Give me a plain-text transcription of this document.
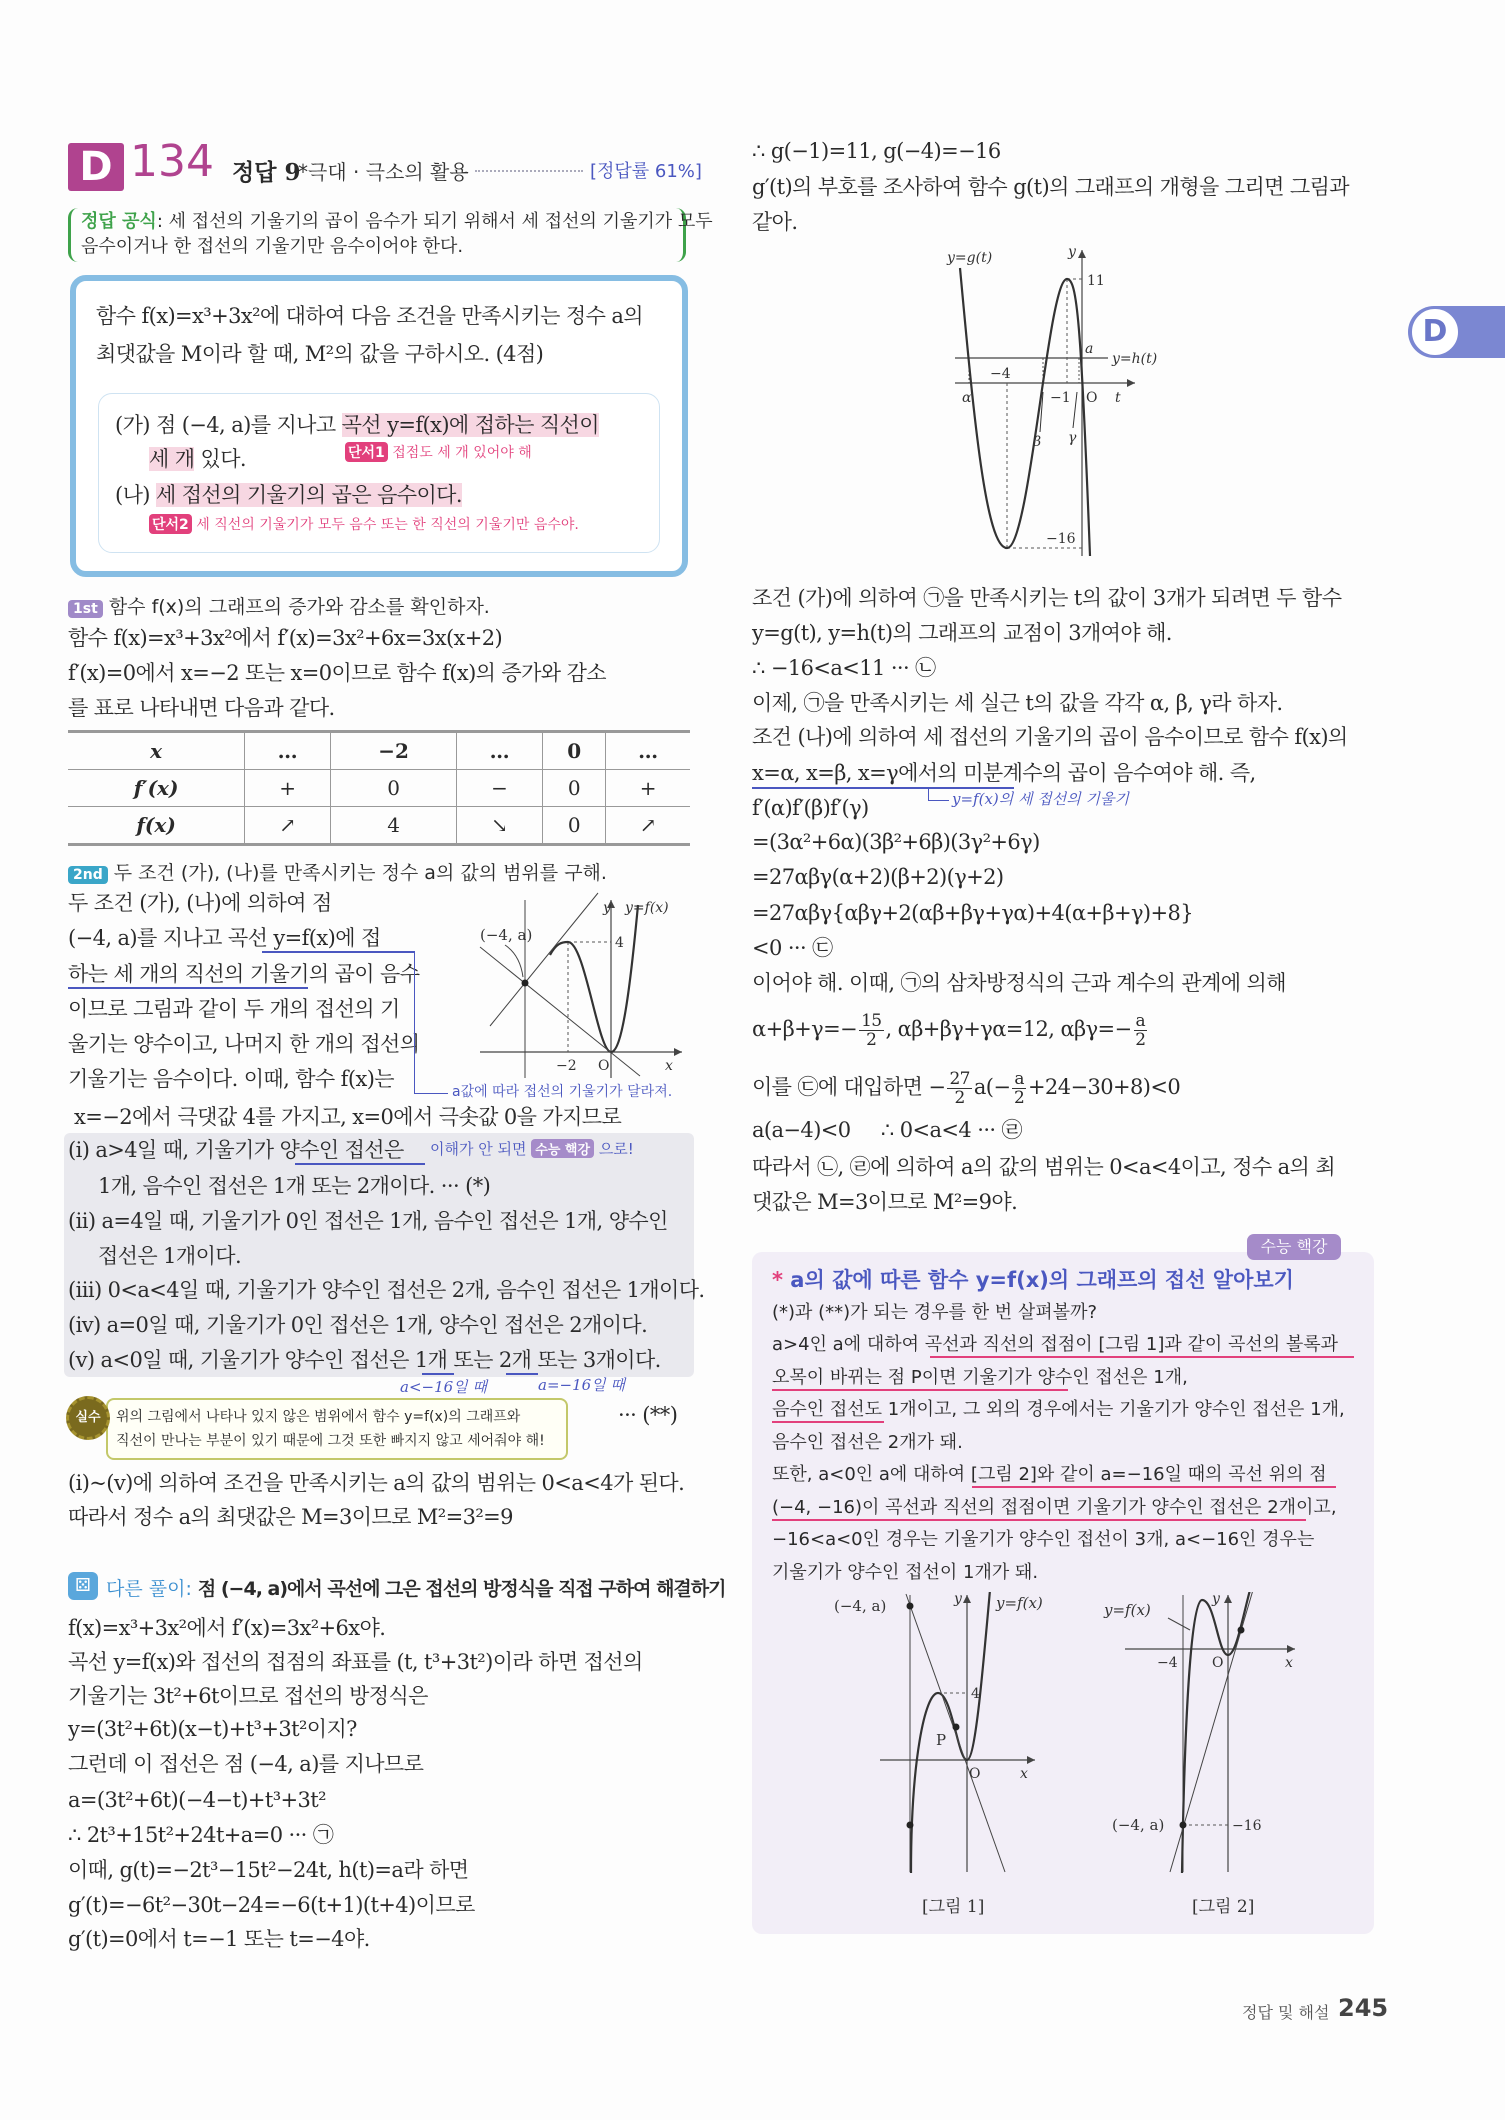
D
D 134 정답 9
*극대 · 극소의 활용	[정답률 61%]
정답 공식: 세 접선의 기울기의 곱이 음수가 되기 위해서 세 접선의 기울기가 모두
음수이거나 한 접선의 기울기만 음수이어야 한다.
함수 f(x)=x³+3x²에 대하여 다음 조건을 만족시키는 정수 a의
최댓값을 M이라 할 때, M²의 값을 구하시오. (4점)
(가) 점 (−4, a)를 지나고 곡선 y=f(x)에 접하는 직선이
세 개 있다.	단서1 접점도 세 개 있어야 해
(나) 세 접선의 기울기의 곱은 음수이다.
단서2 세 직선의 기울기가 모두 음수 또는 한 직선의 기울기만 음수야.
1st 함수 f(x)의 그래프의 증가와 감소를 확인하자.
함수 f(x)=x³+3x²에서 f′(x)=3x²+6x=3x(x+2)
f′(x)=0에서 x=−2 또는 x=0이므로 함수 f(x)의 증가와 감소
를 표로 나타내면 다음과 같다.
x	…	−2	…	0	…
f′(x)	+	0	−	0	+
f(x)	↗	4	↘	0	↗
2nd 두 조건 (가), (나)를 만족시키는 정수 a의 값의 범위를 구해.
두 조건 (가), (나)에 의하여 점
(−4, a)를 지나고 곡선 y=f(x)에 접
하는 세 개의 직선의 기울기의 곱이 음수
이므로 그림과 같이 두 개의 접선의 기
울기는 양수이고, 나머지 한 개의 접선의
기울기는 음수이다. 이때, 함수 f(x)는
a값에 따라 접선의 기울기가 달라져.
x=−2에서 극댓값 4를 가지고, x=0에서 극솟값 0을 가지므로
(−4, a)
y y=f(x)
4
−2 O	x
(i) a>4일 때, 기울기가 양수인 접선은 이해가 안 되면 수능 핵강 으로!
1개, 음수인 접선은 1개 또는 2개이다. ··· (*)
(ii) a=4일 때, 기울기가 0인 접선은 1개, 음수인 접선은 1개, 양수인
접선은 1개이다.
(iii) 0<a<4일 때, 기울기가 양수인 접선은 2개, 음수인 접선은 1개이다.
(iv) a=0일 때, 기울기가 0인 접선은 1개, 양수인 접선은 2개이다.
(v) a<0일 때, 기울기가 양수인 접선은 1개 또는 2개 또는 3개이다.
a<−16일 때	a=−16일 때
··· (**)
위의 그림에서 나타나 있지 않은 범위에서 함수 y=f(x)의 그래프와
직선이 만나는 부분이 있기 때문에 그것 또한 빠지지 않고 세어줘야 해!
실수
(i)~(v)에 의하여 조건을 만족시키는 a의 값의 범위는 0<a<4가 된다.
따라서 정수 a의 최댓값은 M=3이므로 M²=3²=9
⚄ 다른 풀이: 점 (−4, a)에서 곡선에 그은 접선의 방정식을 직접 구하여 해결하기
f(x)=x³+3x²에서 f′(x)=3x²+6x야.
곡선 y=f(x)와 접선의 접점의 좌표를 (t, t³+3t²)이라 하면 접선의
기울기는 3t²+6t이므로 접선의 방정식은
y=(3t²+6t)(x−t)+t³+3t²이지?
그런데 이 접선은 점 (−4, a)를 지나므로
a=(3t²+6t)(−4−t)+t³+3t²
∴ 2t³+15t²+24t+a=0 ··· ㉠
이때, g(t)=−2t³−15t²−24t, h(t)=a라 하면
g′(t)=−6t²−30t−24=−6(t+1)(t+4)이므로
g′(t)=0에서 t=−1 또는 t=−4야.
∴ g(−1)=11, g(−4)=−16
g′(t)의 부호를 조사하여 함수 g(t)의 그래프의 개형을 그리면 그림과
같아.
y=g(t)	y
11
a
y=h(t)
−4
α	−1 O t
β γ
−16
조건 (가)에 의하여 ㉠을 만족시키는 t의 값이 3개가 되려면 두 함수
y=g(t), y=h(t)의 그래프의 교점이 3개여야 해.
∴ −16<a<11 ··· ㉡
이제, ㉠을 만족시키는 세 실근 t의 값을 각각 α, β, γ라 하자.
조건 (나)에 의하여 세 접선의 기울기의 곱이 음수이므로 함수 f(x)의
x=α, x=β, x=γ에서의 미분계수의 곱이 음수여야 해. 즉,
y=f(x)의 세 접선의 기울기
f′(α)f′(β)f′(γ)
=(3α²+6α)(3β²+6β)(3γ²+6γ)
=27αβγ(α+2)(β+2)(γ+2)
=27αβγ{αβγ+2(αβ+βγ+γα)+4(α+β+γ)+8}
<0 ··· ㉢
이어야 해. 이때, ㉠의 삼차방정식의 근과 계수의 관계에 의해
$\alpha+\beta+\gamma=- \frac{15}{2}$ , αβ+βγ+γα=12, $\alpha\beta\gamma=- \frac{a}{2}$
이를 ㉢에 대입하면 − $\frac{27}{2} a(- \frac{a}{2} +24-30+8)<0$
a(a−4)<0     ∴ 0<a<4 ··· ㉣
따라서 ㉡, ㉣에 의하여 a의 값의 범위는 0<a<4이고, 정수 a의 최
댓값은 M=3이므로 M²=9야.
수능 핵강
* a의 값에 따른 함수 y=f(x)의 그래프의 접선 알아보기
(*)과 (**)가 되는 경우를 한 번 살펴볼까?
a>4인 a에 대하여 곡선과 직선의 접점이 [그림 1]과 같이 곡선의 볼록과
오목이 바뀌는 점 P이면 기울기가 양수인 접선은 1개,
음수인 접선도 1개이고, 그 외의 경우에서는 기울기가 양수인 접선은 1개,
음수인 접선은 2개가 돼.
또한, a<0인 a에 대하여 [그림 2]와 같이 a=−16일 때의 곡선 위의 점
(−4, −16)이 곡선과 직선의 접점이면 기울기가 양수인 접선은 2개이고,
−16<a<0인 경우는 기울기가 양수인 접선이 3개, a<−16인 경우는
기울기가 양수인 접선이 1개가 돼.
(−4, a)	y y=f(x)
4
P
O	x
[그림 1]
y=f(x)
y
−4 O	x
(−4, a)	−16
[그림 2]
정답 및 해설 245
